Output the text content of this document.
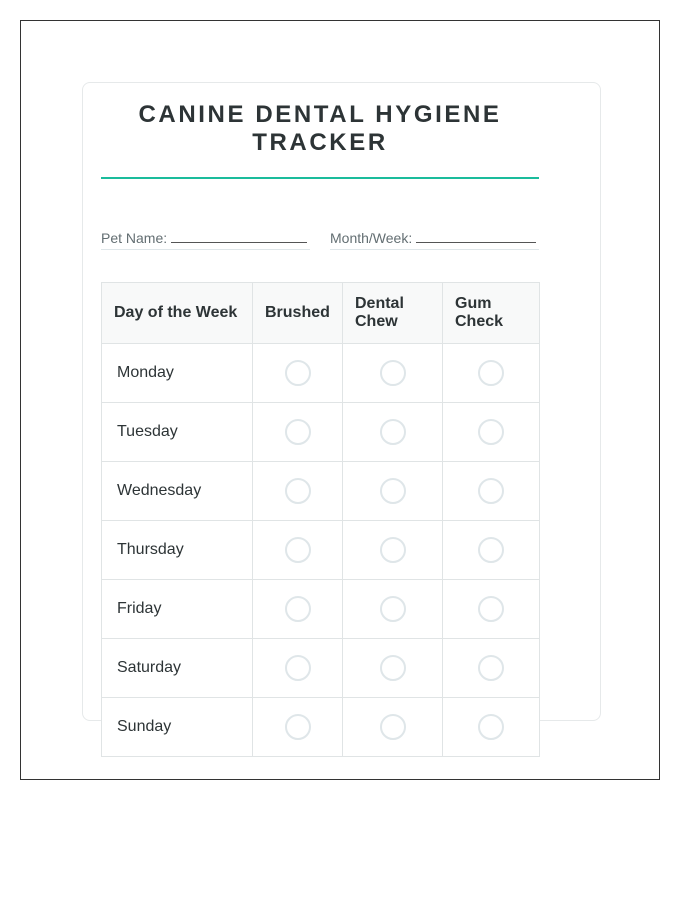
CANINE DENTAL HYGIENE TRACKER
Pet Name:	Month/Week:
Day of the Week	Brushed	Dental Chew	Gum Check
Monday			
Tuesday			
Wednesday			
Thursday			
Friday			
Saturday			
Sunday			
